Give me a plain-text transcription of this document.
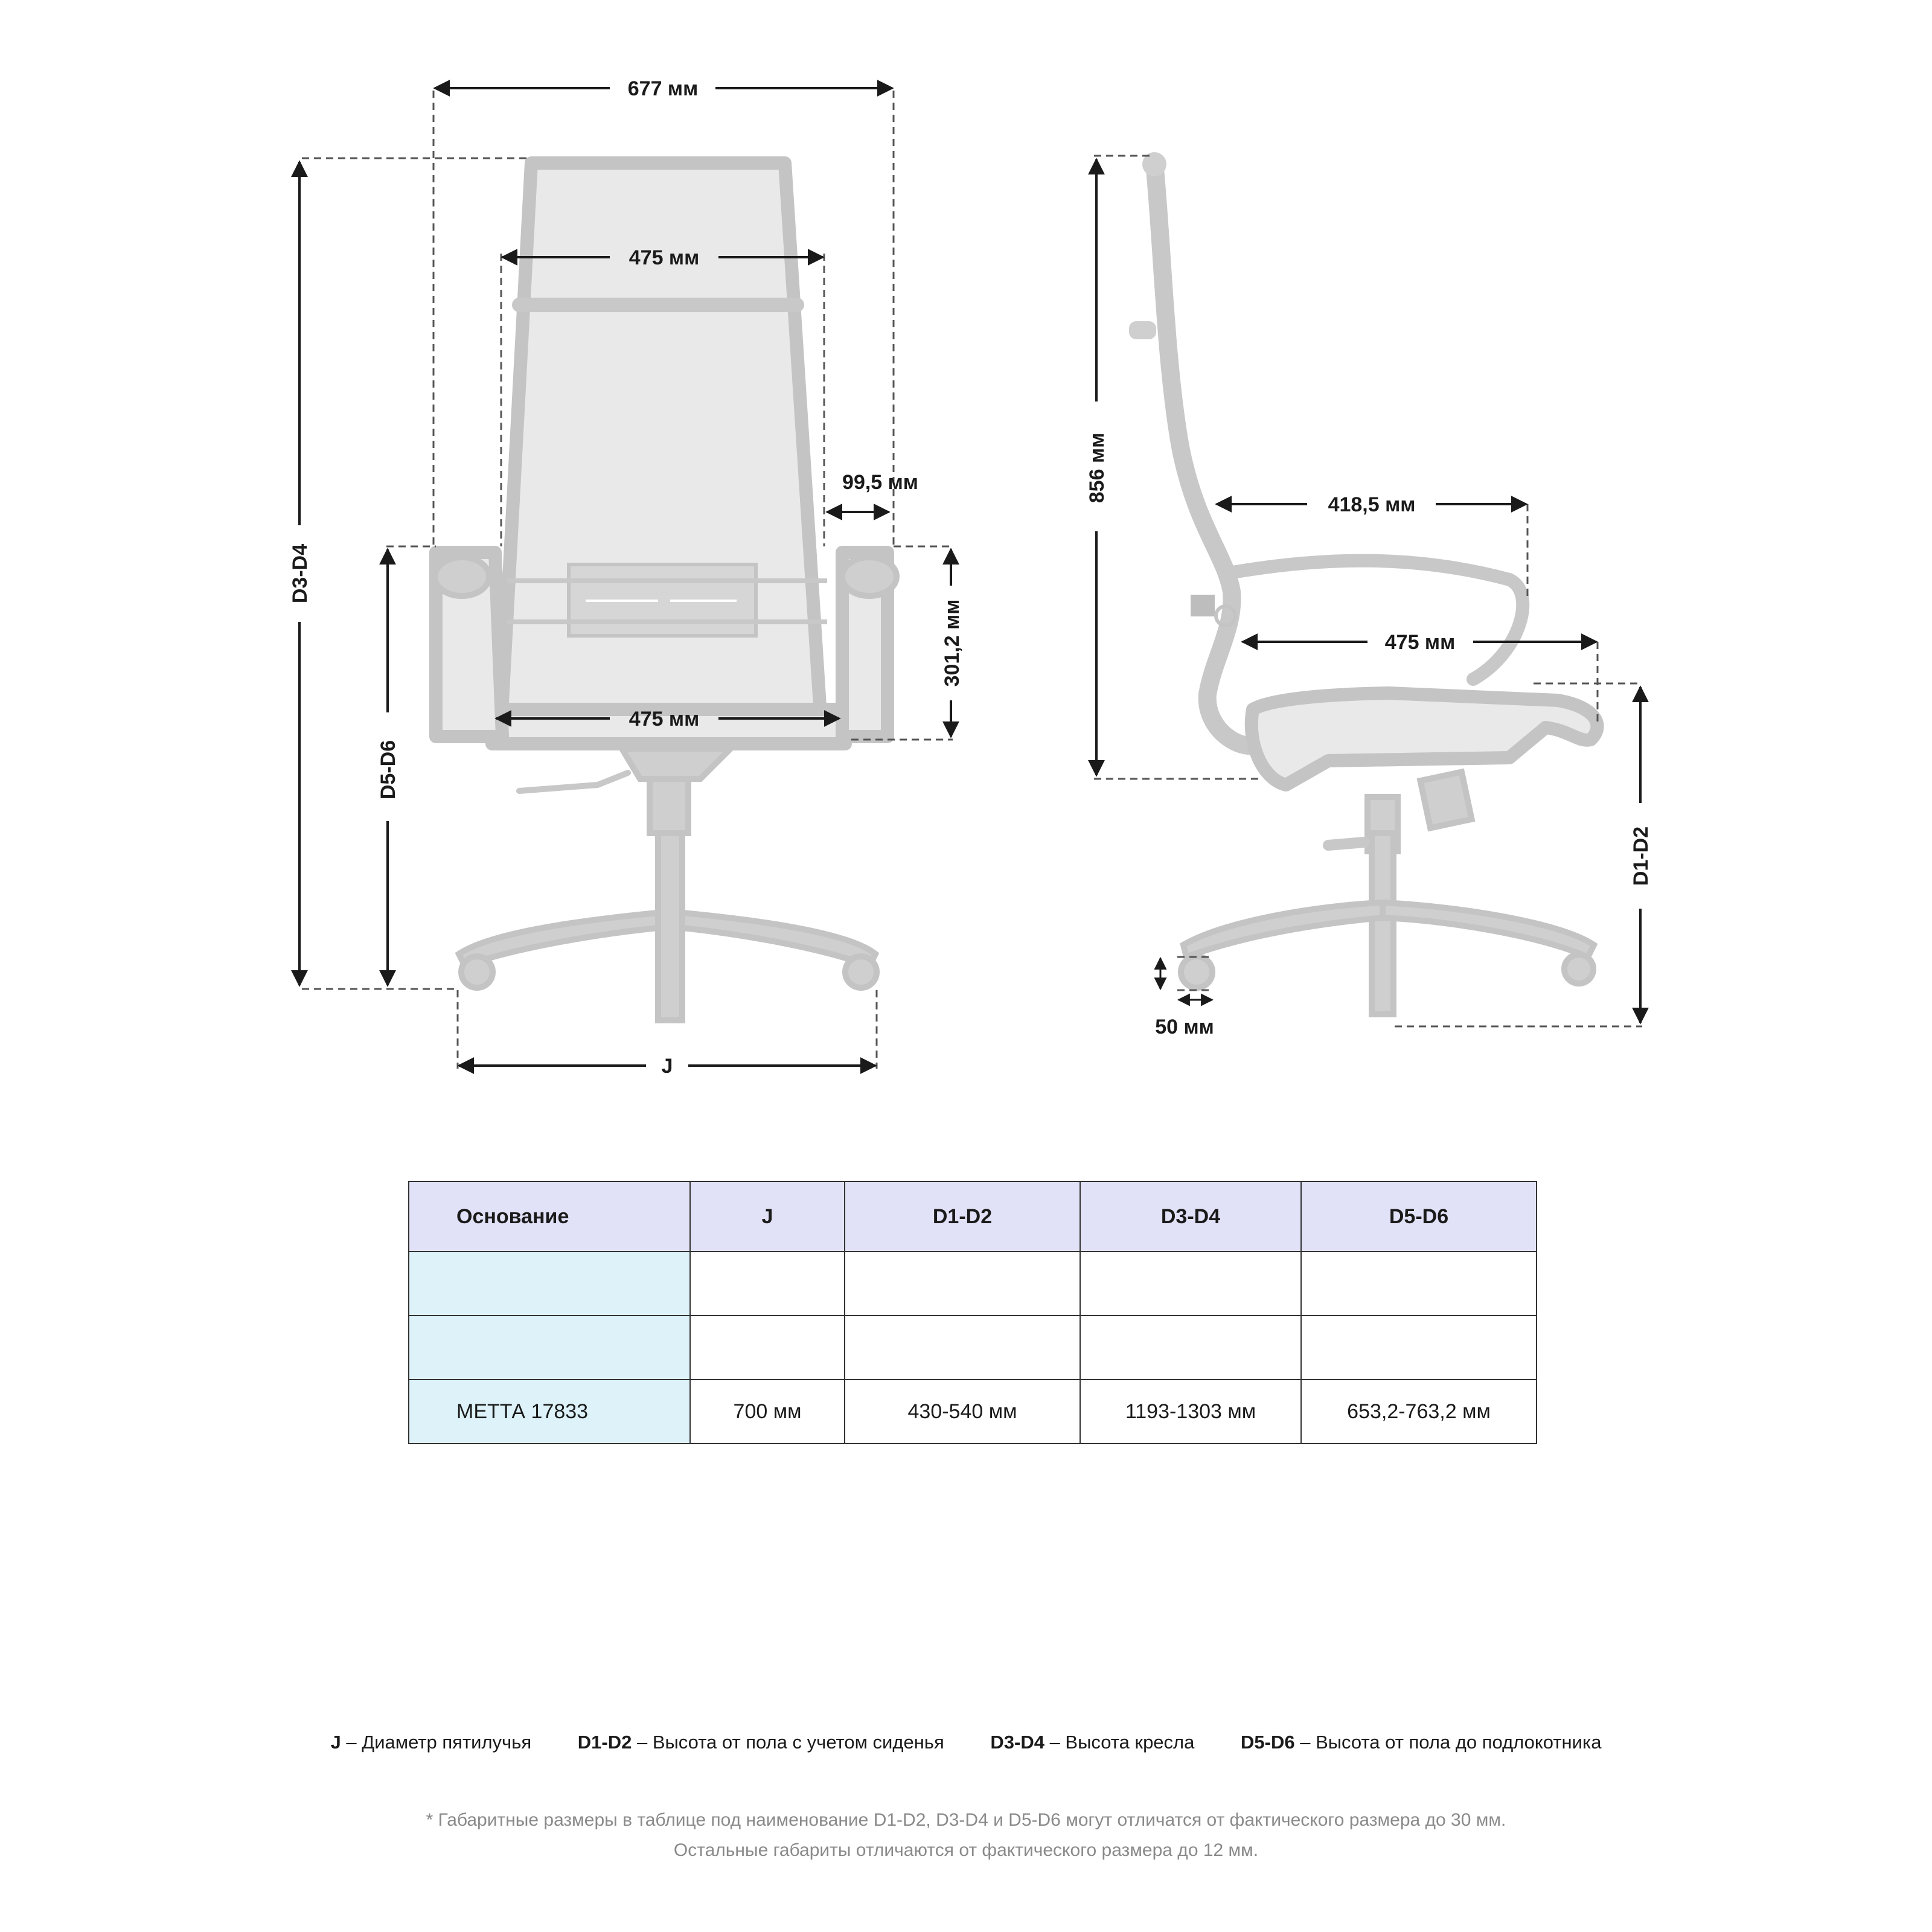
677 мм
475 мм
99,5 мм
301,2 мм
475 мм
D3-D4
D5-D6
J
856 мм
418,5 мм
475 мм
D1-D2
50 мм
Основание	J	D1-D2	D3-D4	D5-D6

МЕТТА 17833	700 мм	430-540 мм	1193-1303 мм	653,2-763,2 мм
J – Диаметр пятилучья D1-D2 – Высота от пола с учетом сиденья D3-D4 – Высота кресла D5-D6 – Высота от пола до подлокотника
* Габаритные размеры в таблице под наименование D1-D2, D3-D4 и D5-D6 могут отличатся от фактического размера до 30 мм.
Остальные габариты отличаются от фактического размера до 12 мм.
